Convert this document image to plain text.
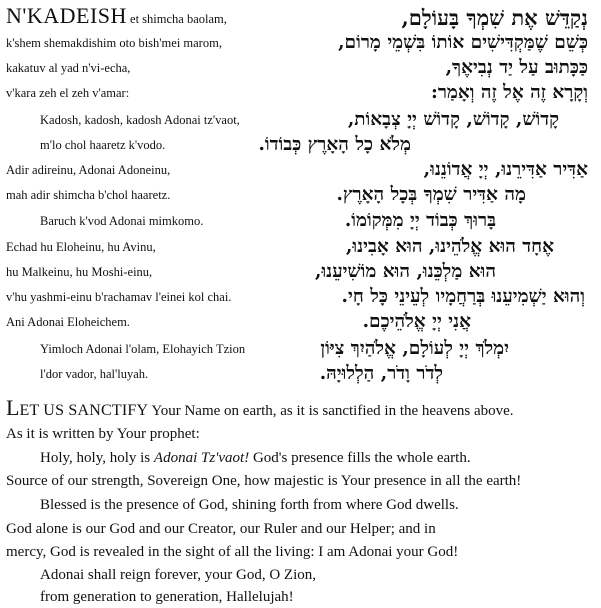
N'KADEISH et shimcha baolam,	נְקַדֵּשׁ אֶת שִׁמְךָ בָּעוֹלָם,
k'shem shemakdishim oto bish'mei marom,	כְּשֵׁם שֶׁמַּקְדִּישִׁים אוֹתוֹ בִּשְׁמֵי מָרוֹם,
kakatuv al yad n'vi-echa,	כַּכָּתוּב עַל יַד נְבִיאֶךָ,
v'kara zeh el zeh v'amar:	וְקָרָא זֶה אֶל זֶה וְאָמַר:
Kadosh, kadosh, kadosh Adonai tz'vaot,	קָדוֹשׁ, קָדוֹשׁ, קָדוֹשׁ יְיָ צְבָאוֹת,
m'lo chol haaretz k'vodo.	מְלֹא כָל הָאָרֶץ כְּבוֹדוֹ.
Adir adireinu, Adonai Adoneinu,	אַדִּיר אַדִּירֵנוּ, יְיָ אֲדוֹנֵנוּ,
mah adir shimcha b'chol haaretz.	מָה אַדִּיר שִׁמְךָ בְּכָל הָאָרֶץ.
Baruch k'vod Adonai mimkomo.	בָּרוּךְ כְּבוֹד יְיָ מִמְּקוֹמוֹ.
Echad hu Eloheinu, hu Avinu,	אֶחָד הוּא אֱלֹהֵינוּ, הוּא אָבִינוּ,
hu Malkeinu, hu Moshi-einu,	הוּא מַלְכֵּנוּ, הוּא מוֹשִׁיעֵנוּ,
v'hu yashmi-einu b'rachamav l'einei kol chai.	וְהוּא יַשְׁמִיעֵנוּ בְּרַחֲמָיו לְעֵינֵי כָּל חָי.
Ani Adonai Eloheichem.	אֲנִי יְיָ אֱלֹהֵיכֶם.
Yimloch Adonai l'olam, Elohayich Tzion	יִמְלֹךְ יְיָ לְעוֹלָם, אֱלֹהַיִךְ צִיּוֹן
l'dor vador, hal'luyah.	לְדֹר וָדֹר, הַלְלוּיָהּ.
LET US SANCTIFY Your Name on earth, as it is sanctified in the heavens above.
As it is written by Your prophet:
Holy, holy, holy is Adonai Tz'vaot! God's presence fills the whole earth.
Source of our strength, Sovereign One, how majestic is Your presence in all the earth!
Blessed is the presence of God, shining forth from where God dwells.
God alone is our God and our Creator, our Ruler and our Helper; and in
mercy, God is revealed in the sight of all the living: I am Adonai your God!
Adonai shall reign forever, your God, O Zion,
from generation to generation, Hallelujah!
